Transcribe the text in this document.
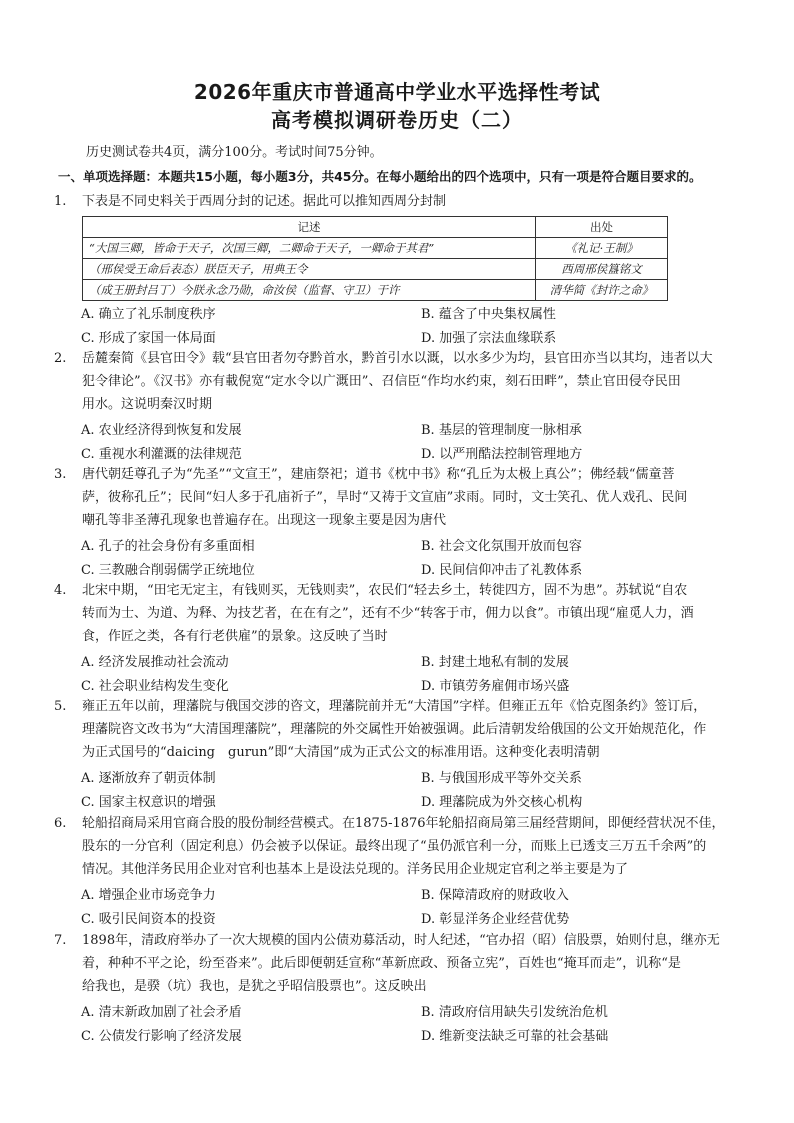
2026年重庆市普通高中学业水平选择性考试
高考模拟调研卷历史（二）
历史测试卷共4页，满分100分。考试时间75分钟。
一、单项选择题：本题共15小题，每小题3分，共45分。在每小题给出的四个选项中，只有一项是符合题目要求的。
1. 下表是不同史料关于西周分封的记述。据此可以推知西周分封制
记述	出处
“大国三卿，皆命于天子，次国三卿，二卿命于天子，一卿命于其君”	《礼记·王制》
（邢侯受王命后表态）朕臣天子，用典王令	西周邢侯簋铭文
（成王册封吕丁）今朕永念乃勋，命汝侯（监督、守卫）于许	清华简《封许之命》
A. 确立了礼乐制度秩序	B. 蕴含了中央集权属性
C. 形成了家国一体局面	D. 加强了宗法血缘联系
2. 岳麓秦简《县官田令》载“县官田者勿夺黔首水，黔首引水以溉，以水多少为均，县官田亦当以其均，违者以大
犯令律论”。《汉书》亦有載倪宽“定水令以广溉田”、召信臣“作均水约束，刻石田畔”，禁止官田侵夺民田
用水。这说明秦汉时期
A. 农业经济得到恢复和发展	B. 基层的管理制度一脉相承
C. 重视水利灌溉的法律规范	D. 以严刑酷法控制管理地方
3. 唐代朝廷尊孔子为“先圣”“文宣王”，建庙祭祀；道书《枕中书》称“孔丘为太极上真公”；佛经载“儒童菩
萨，彼称孔丘”；民间“妇人多于孔庙祈子”，旱时“又祷于文宣庙”求雨。同时，文士笑孔、优人戏孔、民间
嘲孔等非圣薄孔现象也普遍存在。出现这一现象主要是因为唐代
A. 孔子的社会身份有多重面相	B. 社会文化氛围开放而包容
C. 三教融合削弱儒学正统地位	D. 民间信仰冲击了礼教体系
4. 北宋中期，“田宅无定主，有钱则买，无钱则卖”，农民们“轻去乡土，转徙四方，固不为患”。苏轼说“自农
转而为士、为道、为释、为技艺者，在在有之”，还有不少“转客于市，佣力以食”。市镇出现“雇觅人力，酒
食，作匠之类，各有行老供雇”的景象。这反映了当时
A. 经济发展推动社会流动	B. 封建土地私有制的发展
C. 社会职业结构发生变化	D. 市镇劳务雇佣市场兴盛
5. 雍正五年以前，理藩院与俄国交涉的咨文，理藩院前并无“大清国”字样。但雍正五年《恰克图条约》签订后，
理藩院咨文改书为“大清国理藩院”，理藩院的外交属性开始被强调。此后清朝发给俄国的公文开始规范化，作
为正式国号的“daicing　gurun”即“大清国”成为正式公文的标准用语。这种变化表明清朝
A. 逐渐放弃了朝贡体制	B. 与俄国形成平等外交关系
C. 国家主权意识的增强	D. 理藩院成为外交核心机构
6. 轮船招商局采用官商合股的股份制经营模式。在1875-1876年轮船招商局第三届经营期间，即便经营状况不佳，
股东的一分官利（固定利息）仍会被予以保证。最终出现了“虽仍派官利一分，而账上已透支三万五千余两”的
情况。其他洋务民用企业对官利也基本上是设法兑现的。洋务民用企业规定官利之举主要是为了
A. 增强企业市场竞争力	B. 保障清政府的财政收入
C. 吸引民间资本的投资	D. 彰显洋务企业经营优势
7. 1898年，清政府举办了一次大规模的国内公债劝募活动，时人纪述，“官办招（昭）信股票，始则付息，继亦无
着，种种不平之论，纷至沓来”。此后即便朝廷宣称“革新庶政、预备立宪”，百姓也“掩耳而走”，讥称“是
给我也，是骙（坑）我也，是犹之乎昭信股票也”。这反映出
A. 清末新政加剧了社会矛盾	B. 清政府信用缺失引发统治危机
C. 公债发行影响了经济发展	D. 维新变法缺乏可靠的社会基础
